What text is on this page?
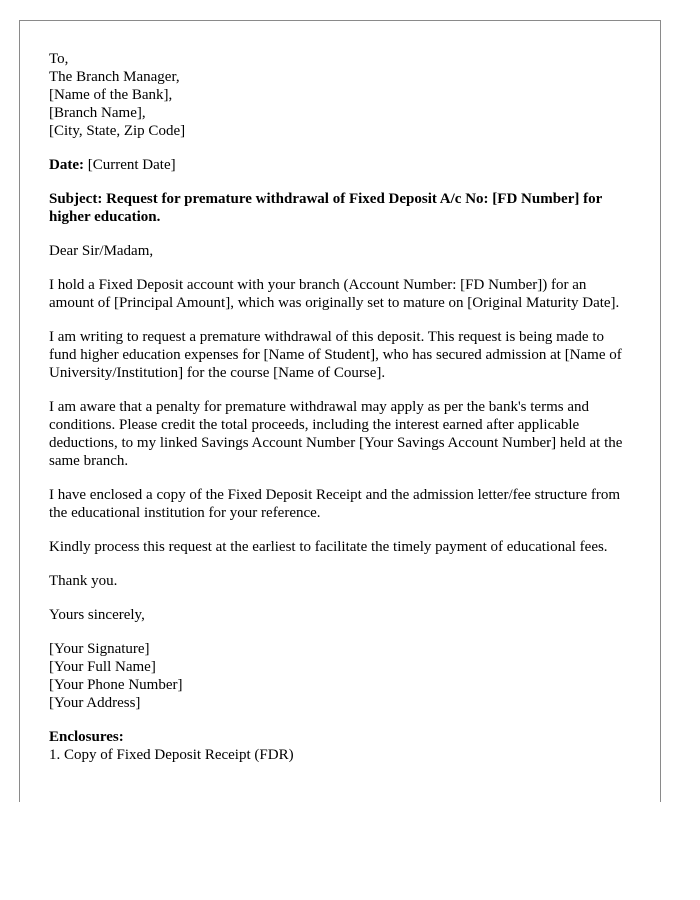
To,
The Branch Manager,
[Name of the Bank],
[Branch Name],
[City, State, Zip Code]

Date: [Current Date]

Subject: Request for premature withdrawal of Fixed Deposit A/c No: [FD Number] for higher education.

Dear Sir/Madam,

I hold a Fixed Deposit account with your branch (Account Number: [FD Number]) for an amount of [Principal Amount], which was originally set to mature on [Original Maturity Date].

I am writing to request a premature withdrawal of this deposit. This request is being made to fund higher education expenses for [Name of Student], who has secured admission at [Name of University/Institution] for the course [Name of Course].

I am aware that a penalty for premature withdrawal may apply as per the bank's terms and conditions. Please credit the total proceeds, including the interest earned after applicable deductions, to my linked Savings Account Number [Your Savings Account Number] held at the same branch.

I have enclosed a copy of the Fixed Deposit Receipt and the admission letter/fee structure from the educational institution for your reference.

Kindly process this request at the earliest to facilitate the timely payment of educational fees.

Thank you.

Yours sincerely,

[Your Signature]
[Your Full Name]
[Your Phone Number]
[Your Address]
Enclosures:
1. Copy of Fixed Deposit Receipt (FDR)
